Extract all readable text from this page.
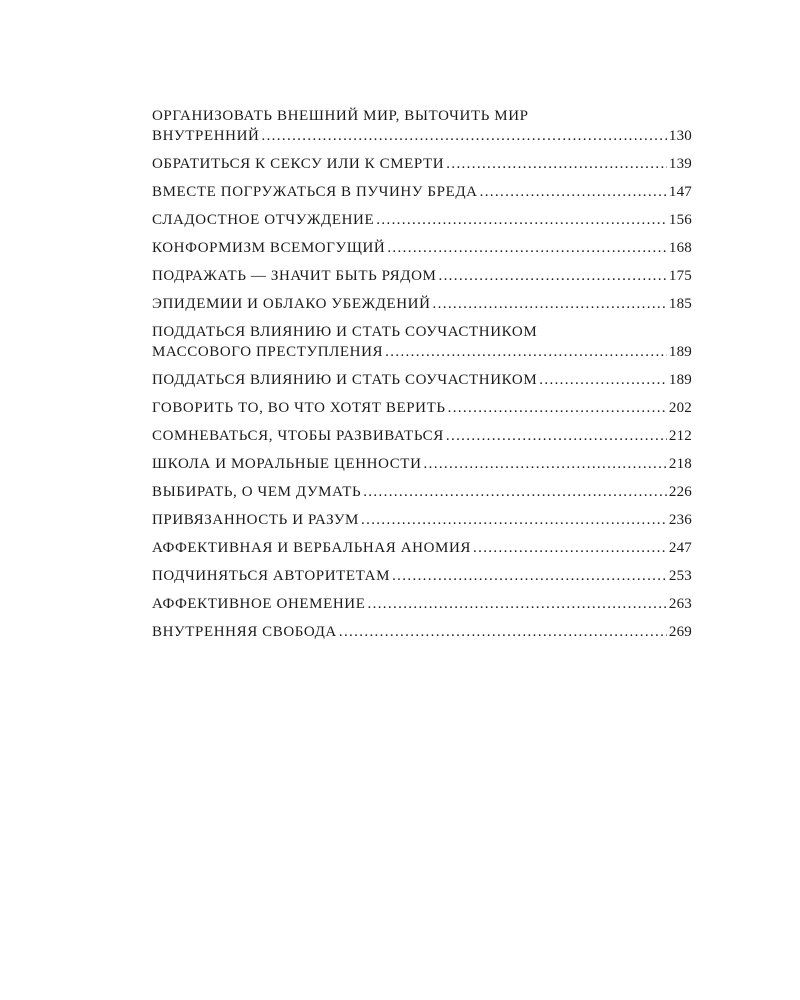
ОРГАНИЗОВАТЬ ВНЕШНИЙ МИР, ВЫТОЧИТЬ МИР
ВНУТРЕННИЙ . . .	130
ОБРАТИТЬСЯ К СЕКСУ ИЛИ К СМЕРТИ . . .	139
ВМЕСТЕ ПОГРУЖАТЬСЯ В ПУЧИНУ БРЕДА . . .	147
СЛАДОСТНОЕ ОТЧУЖДЕНИЕ . . .	156
КОНФОРМИЗМ ВСЕМОГУЩИЙ . . .	168
ПОДРАЖАТЬ — ЗНАЧИТ БЫТЬ РЯДОМ . . .	175
ЭПИДЕМИИ И ОБЛАКО УБЕЖДЕНИЙ . . .	185
ПОДДАТЬСЯ ВЛИЯНИЮ И СТАТЬ СОУЧАСТНИКОМ
МАССОВОГО ПРЕСТУПЛЕНИЯ . . .	189
ПОДДАТЬСЯ ВЛИЯНИЮ И СТАТЬ СОУЧАСТНИКОМ . . .	189
ГОВОРИТЬ ТО, ВО ЧТО ХОТЯТ ВЕРИТЬ . . .	202
СОМНЕВАТЬСЯ, ЧТОБЫ РАЗВИВАТЬСЯ . . .	212
ШКОЛА И МОРАЛЬНЫЕ ЦЕННОСТИ . . .	218
ВЫБИРАТЬ, О ЧЕМ ДУМАТЬ . . .	226
ПРИВЯЗАННОСТЬ И РАЗУМ . . .	236
АФФЕКТИВНАЯ И ВЕРБАЛЬНАЯ АНОМИЯ . . .	247
ПОДЧИНЯТЬСЯ АВТОРИТЕТАМ . . .	253
АФФЕКТИВНОЕ ОНЕМЕНИЕ . . .	263
ВНУТРЕННЯЯ СВОБОДА . . .	269
